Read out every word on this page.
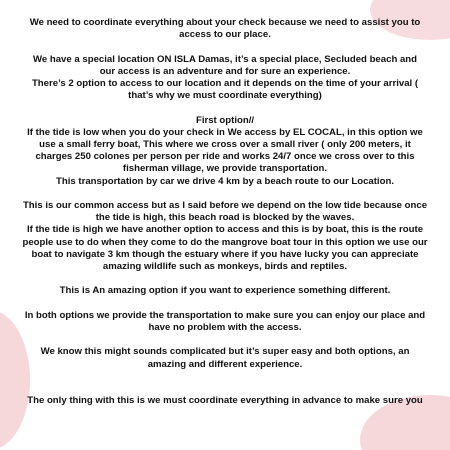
We need to coordinate everything about your check because we need to assist you to

access to our place.

We have a special location ON ISLA Damas, it’s a special place, Secluded beach and

our access is an adventure and for sure an experience.

There’s 2 option to access to our location and it depends on the time of your arrival (

that’s why we must coordinate everything)

First option//

If the tide is low when you do your check in We access by EL COCAL, in this option we

use a small ferry boat, This where we cross over a small river ( only 200 meters, it

charges 250 colones per person per ride and works 24/7 once we cross over to this

fisherman village, we provide transportation.

This transportation by car we drive 4 km by a beach route to our Location.

This is our common access but as I said before we depend on the low tide because once

the tide is high, this beach road is blocked by the waves.

If the tide is high we have another option to access and this is by boat, this is the route

people use to do when they come to do the mangrove boat tour in this option we use our

boat to navigate 3 km though the estuary where if you have lucky you can appreciate

amazing wildlife such as monkeys, birds and reptiles.

This is An amazing option if you want to experience something different.

In both options we provide the transportation to make sure you can enjoy our place and

have no problem with the access.

We know this might sounds complicated but it’s super easy and both options, an

amazing and different experience.

The only thing with this is we must coordinate everything in advance to make sure you
